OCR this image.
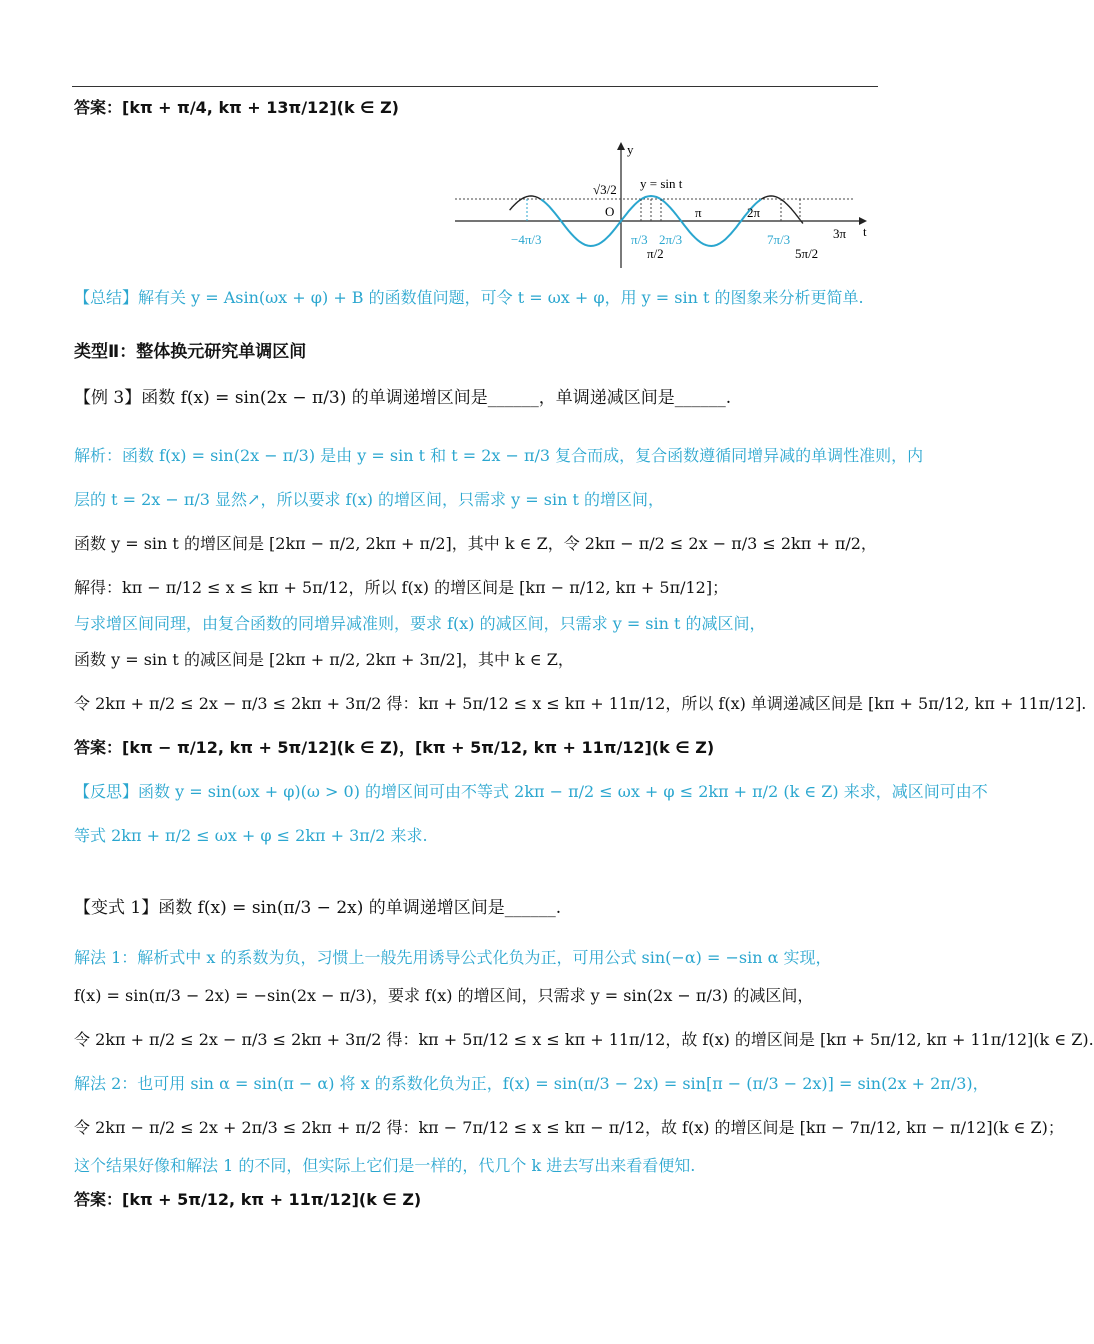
答案：[kπ + π/4, kπ + 13π/12](k ∈ Z)
y
t
y = sin t
O
√3/2
π	2π
3π
−4π/3	π/3
π/2
2π/3	7π/3
5π/2
【总结】解有关 y = Asin(ωx + φ) + B 的函数值问题，可令 t = ωx + φ，用 y = sin t 的图象来分析更简单.
类型Ⅱ：整体换元研究单调区间
【例 3】函数 f(x) = sin(2x − π/3) 的单调递增区间是______，单调递减区间是______.
解析：函数 f(x) = sin(2x − π/3) 是由 y = sin t 和 t = 2x − π/3 复合而成，复合函数遵循同增异减的单调性准则，内
层的 t = 2x − π/3 显然↗，所以要求 f(x) 的增区间，只需求 y = sin t 的增区间，
函数 y = sin t 的增区间是 [2kπ − π/2, 2kπ + π/2]，其中 k ∈ Z，令 2kπ − π/2 ≤ 2x − π/3 ≤ 2kπ + π/2，
解得：kπ − π/12 ≤ x ≤ kπ + 5π/12，所以 f(x) 的增区间是 [kπ − π/12, kπ + 5π/12]；
与求增区间同理，由复合函数的同增异减准则，要求 f(x) 的减区间，只需求 y = sin t 的减区间，
函数 y = sin t 的减区间是 [2kπ + π/2, 2kπ + 3π/2]，其中 k ∈ Z，
令 2kπ + π/2 ≤ 2x − π/3 ≤ 2kπ + 3π/2 得：kπ + 5π/12 ≤ x ≤ kπ + 11π/12，所以 f(x) 单调递减区间是 [kπ + 5π/12, kπ + 11π/12].
答案：[kπ − π/12, kπ + 5π/12](k ∈ Z)，[kπ + 5π/12, kπ + 11π/12](k ∈ Z)
【反思】函数 y = sin(ωx + φ)(ω > 0) 的增区间可由不等式 2kπ − π/2 ≤ ωx + φ ≤ 2kπ + π/2 (k ∈ Z) 来求，减区间可由不
等式 2kπ + π/2 ≤ ωx + φ ≤ 2kπ + 3π/2 来求.
【变式 1】函数 f(x) = sin(π/3 − 2x) 的单调递增区间是______.
解法 1：解析式中 x 的系数为负，习惯上一般先用诱导公式化负为正，可用公式 sin(−α) = −sin α 实现，
f(x) = sin(π/3 − 2x) = −sin(2x − π/3)，要求 f(x) 的增区间，只需求 y = sin(2x − π/3) 的减区间，
令 2kπ + π/2 ≤ 2x − π/3 ≤ 2kπ + 3π/2 得：kπ + 5π/12 ≤ x ≤ kπ + 11π/12，故 f(x) 的增区间是 [kπ + 5π/12, kπ + 11π/12](k ∈ Z).
解法 2：也可用 sin α = sin(π − α) 将 x 的系数化负为正，f(x) = sin(π/3 − 2x) = sin[π − (π/3 − 2x)] = sin(2x + 2π/3)，
令 2kπ − π/2 ≤ 2x + 2π/3 ≤ 2kπ + π/2 得：kπ − 7π/12 ≤ x ≤ kπ − π/12，故 f(x) 的增区间是 [kπ − 7π/12, kπ − π/12](k ∈ Z)；
这个结果好像和解法 1 的不同，但实际上它们是一样的，代几个 k 进去写出来看看便知.
答案：[kπ + 5π/12, kπ + 11π/12](k ∈ Z)
